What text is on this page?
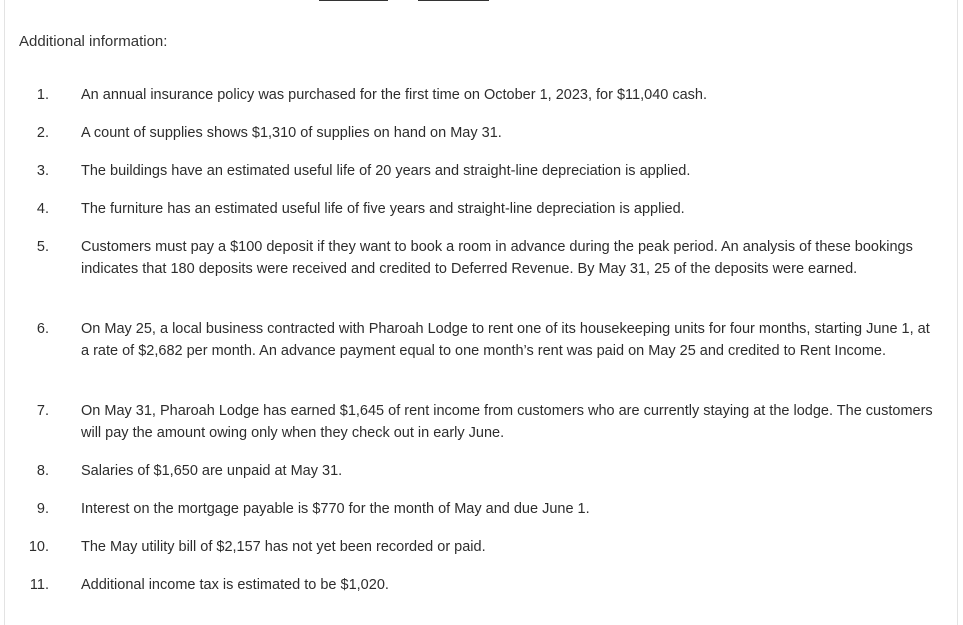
Additional information:
1. An annual insurance policy was purchased for the first time on October 1, 2023, for $11,040 cash.
2. A count of supplies shows $1,310 of supplies on hand on May 31.
3. The buildings have an estimated useful life of 20 years and straight-line depreciation is applied.
4. The furniture has an estimated useful life of five years and straight-line depreciation is applied.
5. Customers must pay a $100 deposit if they want to book a room in advance during the peak period. An analysis of these bookings indicates that 180 deposits were received and credited to Deferred Revenue. By May 31, 25 of the deposits were earned.
6. On May 25, a local business contracted with Pharoah Lodge to rent one of its housekeeping units for four months, starting June 1, at a rate of $2,682 per month. An advance payment equal to one month’s rent was paid on May 25 and credited to Rent Income.
7. On May 31, Pharoah Lodge has earned $1,645 of rent income from customers who are currently staying at the lodge. The customers will pay the amount owing only when they check out in early June.
8. Salaries of $1,650 are unpaid at May 31.
9. Interest on the mortgage payable is $770 for the month of May and due June 1.
10. The May utility bill of $2,157 has not yet been recorded or paid.
11. Additional income tax is estimated to be $1,020.
